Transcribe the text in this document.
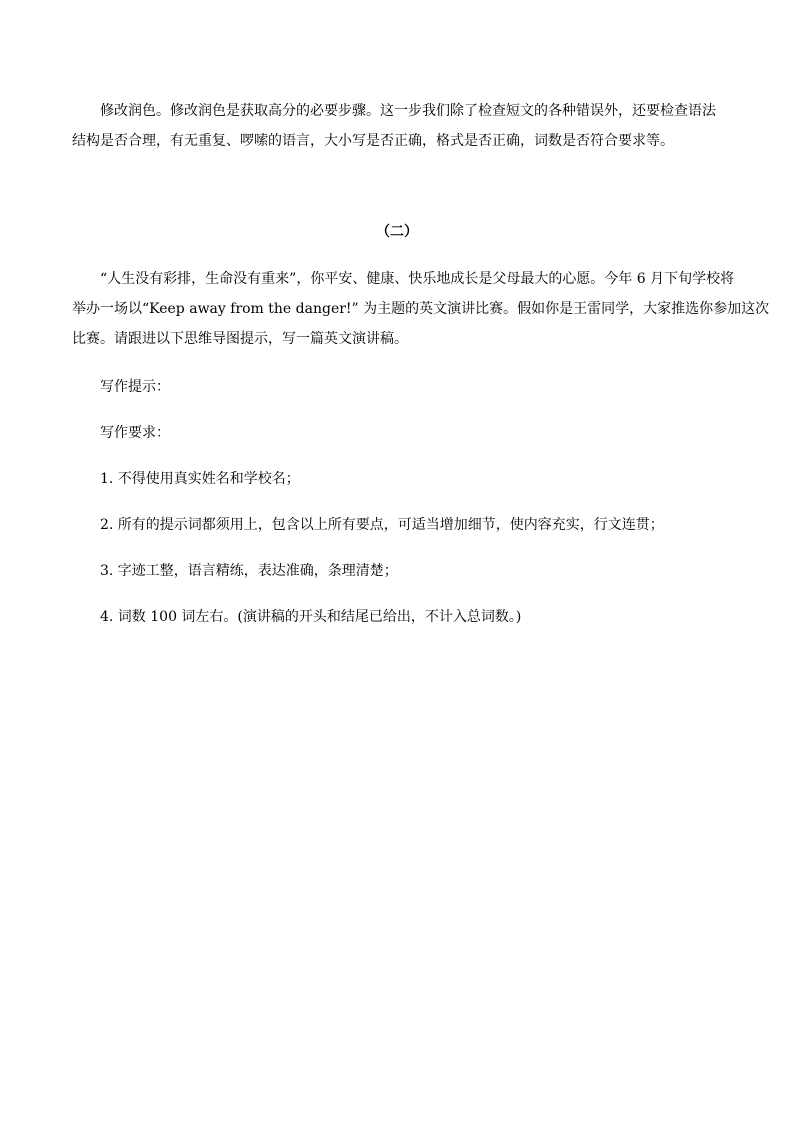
修改润色。修改润色是获取高分的必要步骤。这一步我们除了检查短文的各种错误外，还要检查语法
结构是否合理，有无重复、啰嗦的语言，大小写是否正确，格式是否正确，词数是否符合要求等。
（二）
“人生没有彩排，生命没有重来”，你平安、健康、快乐地成长是父母最大的心愿。今年 6 月下旬学校将
举办一场以“Keep away from the danger!” 为主题的英文演讲比赛。假如你是王雷同学，大家推选你参加这次
比赛。请跟进以下思维导图提示，写一篇英文演讲稿。
写作提示：
写作要求：
1. 不得使用真实姓名和学校名；
2. 所有的提示词都须用上，包含以上所有要点，可适当增加细节，使内容充实，行文连贯；
3. 字迹工整，语言精练，表达准确，条理清楚；
4. 词数 100 词左右。(演讲稿的开头和结尾已给出，不计入总词数。)
